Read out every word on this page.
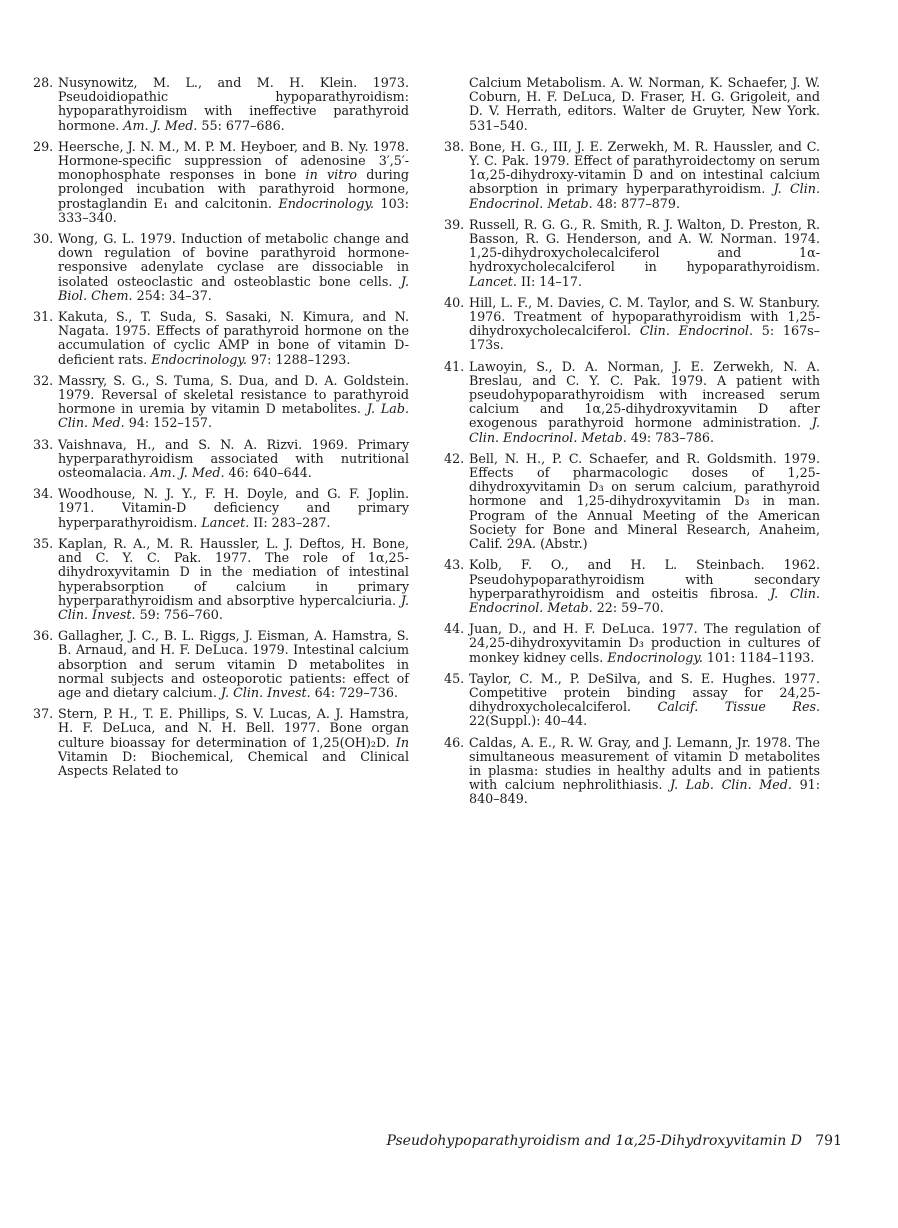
28. Nusynowitz, M. L., and M. H. Klein. 1973. Pseudoidiopathic hypoparathyroidism: hypoparathyroidism with ineffective parathyroid hormone. Am. J. Med. 55: 677–686.
29. Heersche, J. N. M., M. P. M. Heyboer, and B. Ny. 1978. Hormone-specific suppression of adenosine 3′,5′-monophosphate responses in bone in vitro during prolonged incubation with parathyroid hormone, prostaglandin E₁ and calcitonin. Endocrinology. 103: 333–340.
30. Wong, G. L. 1979. Induction of metabolic change and down regulation of bovine parathyroid hormone-responsive adenylate cyclase are dissociable in isolated osteoclastic and osteoblastic bone cells. J. Biol. Chem. 254: 34–37.
31. Kakuta, S., T. Suda, S. Sasaki, N. Kimura, and N. Nagata. 1975. Effects of parathyroid hormone on the accumulation of cyclic AMP in bone of vitamin D-deficient rats. Endocrinology. 97: 1288–1293.
32. Massry, S. G., S. Tuma, S. Dua, and D. A. Goldstein. 1979. Reversal of skeletal resistance to parathyroid hormone in uremia by vitamin D metabolites. J. Lab. Clin. Med. 94: 152–157.
33. Vaishnava, H., and S. N. A. Rizvi. 1969. Primary hyperparathyroidism associated with nutritional osteomalacia. Am. J. Med. 46: 640–644.
34. Woodhouse, N. J. Y., F. H. Doyle, and G. F. Joplin. 1971. Vitamin-D deficiency and primary hyperparathyroidism. Lancet. II: 283–287.
35. Kaplan, R. A., M. R. Haussler, L. J. Deftos, H. Bone, and C. Y. C. Pak. 1977. The role of 1α,25-dihydroxyvitamin D in the mediation of intestinal hyperabsorption of calcium in primary hyperparathyroidism and absorptive hypercalciuria. J. Clin. Invest. 59: 756–760.
36. Gallagher, J. C., B. L. Riggs, J. Eisman, A. Hamstra, S. B. Arnaud, and H. F. DeLuca. 1979. Intestinal calcium absorption and serum vitamin D metabolites in normal subjects and osteoporotic patients: effect of age and dietary calcium. J. Clin. Invest. 64: 729–736.
37. Stern, P. H., T. E. Phillips, S. V. Lucas, A. J. Hamstra, H. F. DeLuca, and N. H. Bell. 1977. Bone organ culture bioassay for determination of 1,25(OH)₂D. In Vitamin D: Biochemical, Chemical and Clinical Aspects Related to
Calcium Metabolism. A. W. Norman, K. Schaefer, J. W. Coburn, H. F. DeLuca, D. Fraser, H. G. Grigoleit, and D. V. Herrath, editors. Walter de Gruyter, New York. 531–540.
38. Bone, H. G., III, J. E. Zerwekh, M. R. Haussler, and C. Y. C. Pak. 1979. Effect of parathyroidectomy on serum 1α,25-dihydroxy-vitamin D and on intestinal calcium absorption in primary hyperparathyroidism. J. Clin. Endocrinol. Metab. 48: 877–879.
39. Russell, R. G. G., R. Smith, R. J. Walton, D. Preston, R. Basson, R. G. Henderson, and A. W. Norman. 1974. 1,25-dihydroxycholecalciferol and 1α-hydroxycholecalciferol in hypoparathyroidism. Lancet. II: 14–17.
40. Hill, L. F., M. Davies, C. M. Taylor, and S. W. Stanbury. 1976. Treatment of hypoparathyroidism with 1,25-dihydroxycholecalciferol. Clin. Endocrinol. 5: 167s–173s.
41. Lawoyin, S., D. A. Norman, J. E. Zerwekh, N. A. Breslau, and C. Y. C. Pak. 1979. A patient with pseudohypoparathyroidism with increased serum calcium and 1α,25-dihydroxyvitamin D after exogenous parathyroid hormone administration. J. Clin. Endocrinol. Metab. 49: 783–786.
42. Bell, N. H., P. C. Schaefer, and R. Goldsmith. 1979. Effects of pharmacologic doses of 1,25-dihydroxyvitamin D₃ on serum calcium, parathyroid hormone and 1,25-dihydroxyvitamin D₃ in man. Program of the Annual Meeting of the American Society for Bone and Mineral Research, Anaheim, Calif. 29A. (Abstr.)
43. Kolb, F. O., and H. L. Steinbach. 1962. Pseudohypoparathyroidism with secondary hyperparathyroidism and osteitis fibrosa. J. Clin. Endocrinol. Metab. 22: 59–70.
44. Juan, D., and H. F. DeLuca. 1977. The regulation of 24,25-dihydroxyvitamin D₃ production in cultures of monkey kidney cells. Endocrinology. 101: 1184–1193.
45. Taylor, C. M., P. DeSilva, and S. E. Hughes. 1977. Competitive protein binding assay for 24,25-dihydroxycholecalciferol. Calcif. Tissue Res. 22(Suppl.): 40–44.
46. Caldas, A. E., R. W. Gray, and J. Lemann, Jr. 1978. The simultaneous measurement of vitamin D metabolites in plasma: studies in healthy adults and in patients with calcium nephrolithiasis. J. Lab. Clin. Med. 91: 840–849.
Pseudohypoparathyroidism and 1α,25-Dihydroxyvitamin D 791
